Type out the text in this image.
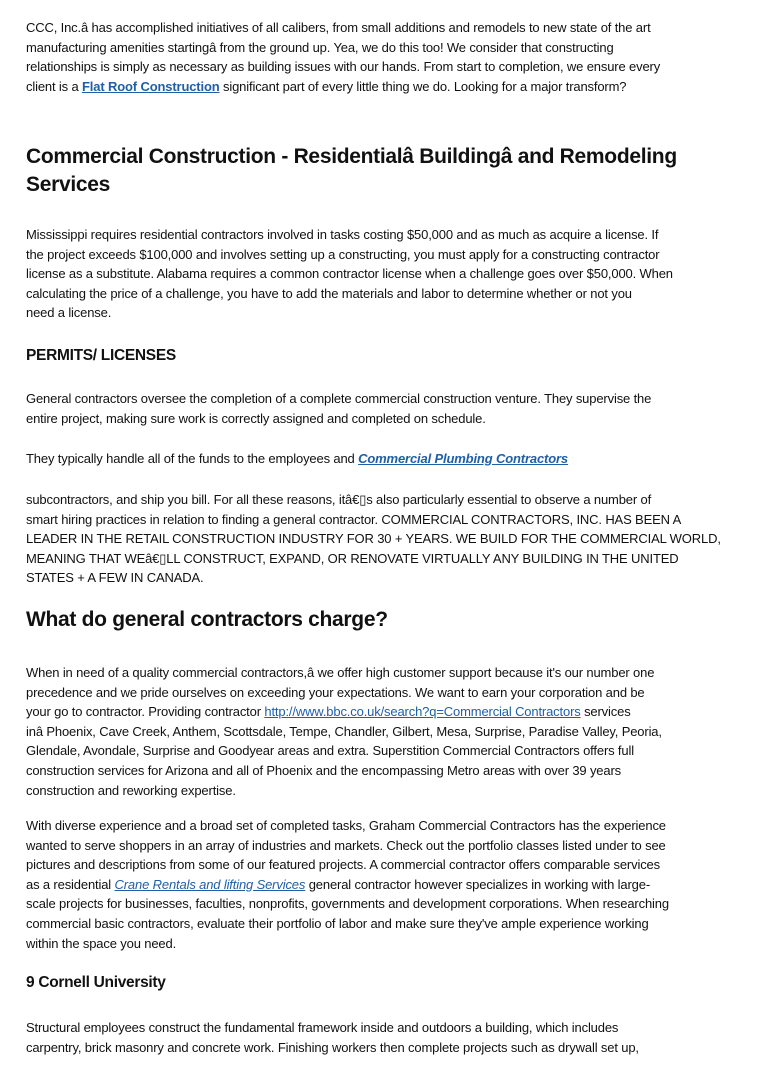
CCC, Inc.â has accomplished initiatives of all calibers, from small additions and remodels to new state of the art
manufacturing amenities startingâ from the ground up. Yea, we do this too! We consider that constructing
relationships is simply as necessary as building issues with our hands. From start to completion, we ensure every
client is a Flat Roof Construction significant part of every little thing we do. Looking for a major transform?
Commercial Construction - Residentialâ Buildingâ and Remodeling
Services
Mississippi requires residential contractors involved in tasks costing $50,000 and as much as acquire a license. If
the project exceeds $100,000 and involves setting up a constructing, you must apply for a constructing contractor
license as a substitute. Alabama requires a common contractor license when a challenge goes over $50,000. When
calculating the price of a challenge, you have to add the materials and labor to determine whether or not you
need a license.
PERMITS/ LICENSES
General contractors oversee the completion of a complete commercial construction venture. They supervise the
entire project, making sure work is correctly assigned and completed on schedule.
They typically handle all of the funds to the employees and Commercial Plumbing Contractors
subcontractors, and ship you bill. For all these reasons, itâ€▯s also particularly essential to observe a number of
smart hiring practices in relation to finding a general contractor. COMMERCIAL CONTRACTORS, INC. HAS BEEN A
LEADER IN THE RETAIL CONSTRUCTION INDUSTRY FOR 30 + YEARS. WE BUILD FOR THE COMMERCIAL WORLD,
MEANING THAT WEâ€▯LL CONSTRUCT, EXPAND, OR RENOVATE VIRTUALLY ANY BUILDING IN THE UNITED
STATES + A FEW IN CANADA.
What do general contractors charge?
When in need of a quality commercial contractors,â we offer high customer support because it's our number one
precedence and we pride ourselves on exceeding your expectations. We want to earn your corporation and be
your go to contractor. Providing contractor http://www.bbc.co.uk/search?q=Commercial Contractors services
inâ Phoenix, Cave Creek, Anthem, Scottsdale, Tempe, Chandler, Gilbert, Mesa, Surprise, Paradise Valley, Peoria,
Glendale, Avondale, Surprise and Goodyear areas and extra. Superstition Commercial Contractors offers full
construction services for Arizona and all of Phoenix and the encompassing Metro areas with over 39 years
construction and reworking expertise.
With diverse experience and a broad set of completed tasks, Graham Commercial Contractors has the experience
wanted to serve shoppers in an array of industries and markets. Check out the portfolio classes listed under to see
pictures and descriptions from some of our featured projects. A commercial contractor offers comparable services
as a residential Crane Rentals and lifting Services general contractor however specializes in working with large-
scale projects for businesses, faculties, nonprofits, governments and development corporations. When researching
commercial basic contractors, evaluate their portfolio of labor and make sure they've ample experience working
within the space you need.
9 Cornell University
Structural employees construct the fundamental framework inside and outdoors a building, which includes
carpentry, brick masonry and concrete work. Finishing workers then complete projects such as drywall set up,
